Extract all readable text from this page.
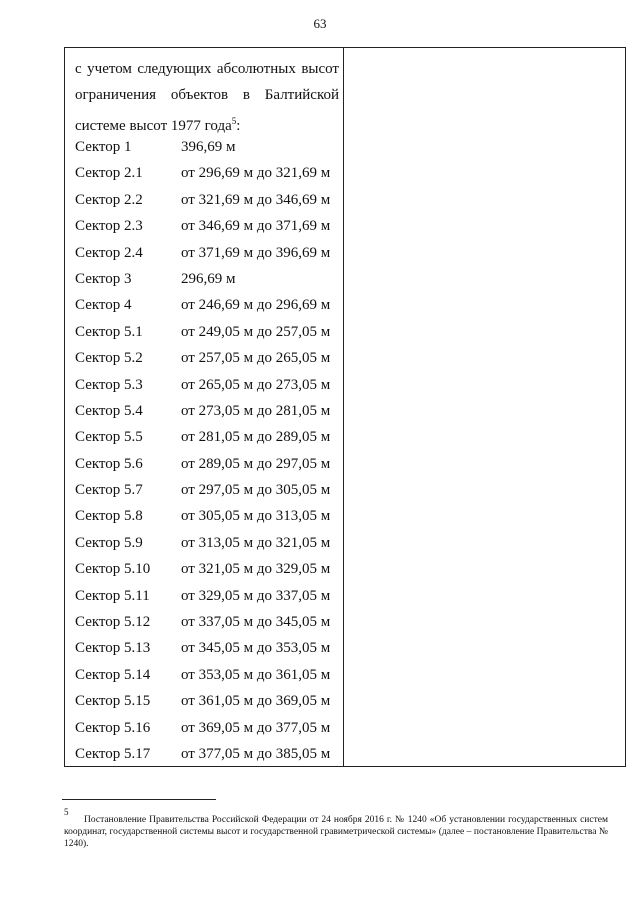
63
с учетом следующих абсолютных высот
ограничения объектов в Балтийской
системе высот 1977 года$^5$:
Сектор 1	396,69 м
Сектор 2.1	от 296,69 м до 321,69 м
Сектор 2.2	от 321,69 м до 346,69 м
Сектор 2.3	от 346,69 м до 371,69 м
Сектор 2.4	от 371,69 м до 396,69 м
Сектор 3	296,69 м
Сектор 4	от 246,69 м до 296,69 м
Сектор 5.1	от 249,05 м до 257,05 м
Сектор 5.2	от 257,05 м до 265,05 м
Сектор 5.3	от 265,05 м до 273,05 м
Сектор 5.4	от 273,05 м до 281,05 м
Сектор 5.5	от 281,05 м до 289,05 м
Сектор 5.6	от 289,05 м до 297,05 м
Сектор 5.7	от 297,05 м до 305,05 м
Сектор 5.8	от 305,05 м до 313,05 м
Сектор 5.9	от 313,05 м до 321,05 м
Сектор 5.10 от 321,05 м до 329,05 м
Сектор 5.11 от 329,05 м до 337,05 м
Сектор 5.12 от 337,05 м до 345,05 м
Сектор 5.13 от 345,05 м до 353,05 м
Сектор 5.14 от 353,05 м до 361,05 м
Сектор 5.15 от 361,05 м до 369,05 м
Сектор 5.16 от 369,05 м до 377,05 м
Сектор 5.17 от 377,05 м до 385,05 м
5

Постановление Правительства Российской Федерации от 24 ноября 2016 г. № 1240 «Об установлении государственных систем координат, государственной системы высот и государственной гравиметрической системы» (далее – постановление Правительства № 1240).
